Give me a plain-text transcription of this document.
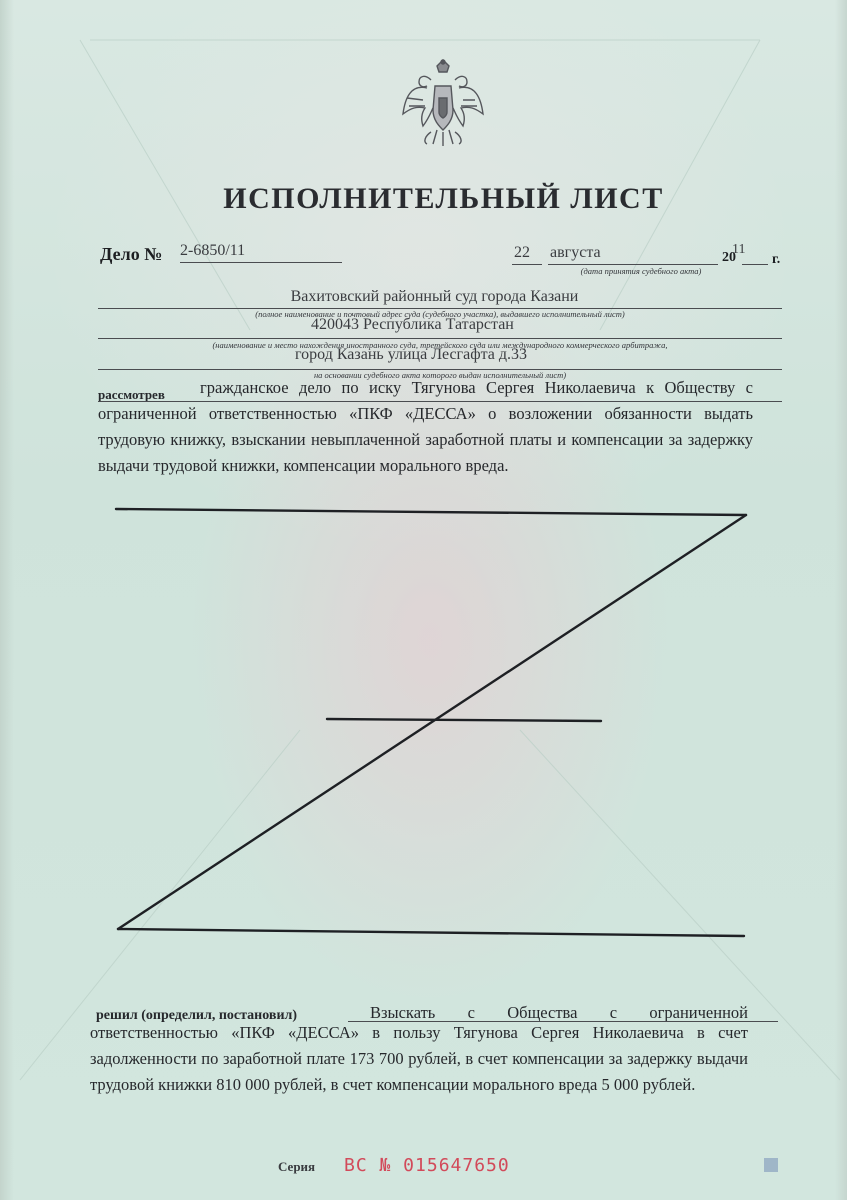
ИСПОЛНИТЕЛЬНЫЙ ЛИСТ
Дело № 2-6850/11	22 августа	20
11
г.
(дата принятия судебного акта)
Вахитовский районный суд города Казани
(полное наименование и почтовый адрес суда (судебного участка), выдавшего исполнительный лист)
420043 Республика Татарстан
(наименование и место нахождения иностранного суда, третейского суда или международного коммерческого арбитража,
город Казань улица Лесгафта д.33
на основании судебного акта которого выдан исполнительный лист)
рассмотрев	гражданское дело по иску Тягунова Сергея Николаевича к Обществу с ограниченной ответственностью «ПКФ «ДЕССА» о возложении обязанности выдать трудовую книжку, взыскании невыплаченной заработной платы и компенсации за задержку выдачи трудовой книжки, компенсации морального вреда.
решил (определил, постановил)	Взыскать с Общества с ограниченной
ответственностью «ПКФ «ДЕССА» в пользу Тягунова Сергея Николаевича в счет задолженности по заработной плате 173 700 рублей, в счет компенсации за задержку выдачи трудовой книжки 810 000 рублей, в счет компенсации морального вреда 5 000 рублей.
Серия ВС № 015647650
